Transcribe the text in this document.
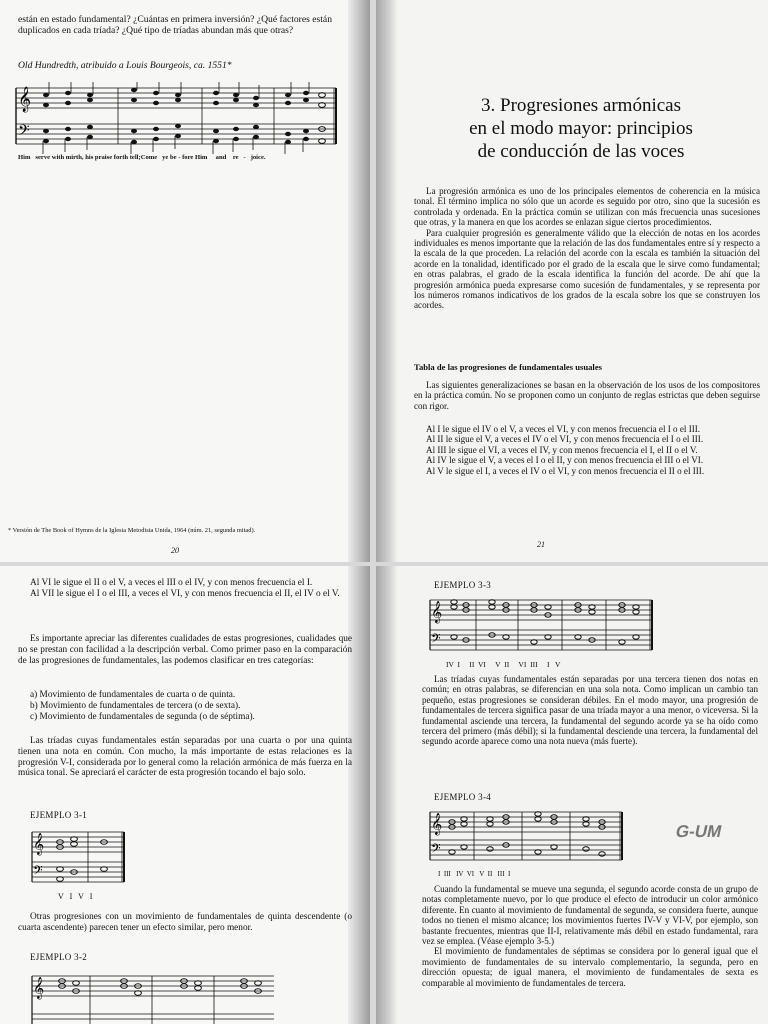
están en estado fundamental? ¿Cuántas en primera inversión? ¿Qué factores están duplicados en cada tríada? ¿Qué tipo de tríadas abundan más que otras?
Old Hundredth, atribuido a Louis Bourgeois, ca. 1551*
𝄞
𝄢
Him   serve with mirth, his praise forth tell;Come   ye be - fore Him     and    re   -   joice.
* Versión de The Book of Hymns de la Iglesia Metodista Unida, 1964 (núm. 21, segunda mitad).
20
3. Progresiones armónicas
en el modo mayor: principios
de conducción de las voces

La progresión armónica es uno de los principales elementos de coherencia en la música tonal. El término implica no sólo que un acorde es seguido por otro, sino que la sucesión es controlada y ordenada. En la práctica común se utilizan con más frecuencia unas sucesiones que otras, y la manera en que los acordes se enlazan sigue ciertos procedimientos.

Para cualquier progresión es generalmente válido que la elección de notas en los acordes individuales es menos importante que la relación de las dos fundamentales entre sí y respecto a la escala de la que proceden. La relación del acorde con la escala es también la situación del acorde en la tonalidad, identificado por el grado de la escala que le sirve como fundamental; en otras palabras, el grado de la escala identifica la función del acorde. De ahí que la progresión armónica pueda expresarse como sucesión de fundamentales, y se representa por los números romanos indicativos de los grados de la escala sobre los que se construyen los acordes.

Tabla de las progresiones de fundamentales usuales

Las siguientes generalizaciones se basan en la observación de los usos de los compositores en la práctica común. No se proponen como un conjunto de reglas estrictas que deben seguirse con rigor.

Al I le sigue el IV o el V, a veces el VI, y con menos frecuencia el I o el III.

Al II le sigue el V, a veces el IV o el VI, y con menos frecuencia el I o el III.

Al III le sigue el VI, a veces el IV, y con menos frecuencia el I, el II o el V.

Al IV le sigue el V, a veces el I o el II, y con menos frecuencia el III o el VI.

Al V le sigue el I, a veces el IV o el VI, y con menos frecuencia el II o el III.

21

Al VI le sigue el II o el V, a veces el III o el IV, y con menos frecuencia el I.

Al VII le sigue el I o el III, a veces el VI, y con menos frecuencia el II, el IV o el V.

Es importante apreciar las diferentes cualidades de estas progresiones, cualidades que no se prestan con facilidad a la descripción verbal. Como primer paso en la comparación de las progresiones de fundamentales, las podemos clasificar en tres categorías:

a) Movimiento de fundamentales de cuarta o de quinta.
b) Movimiento de fundamentales de tercera (o de sexta).
c) Movimiento de fundamentales de segunda (o de séptima).

Las tríadas cuyas fundamentales están separadas por una cuarta o por una quinta tienen una nota en común. Con mucho, la más importante de estas relaciones es la progresión V-I, considerada por lo general como la relación armónica de más fuerza en la música tonal. Se apreciará el carácter de esta progresión tocando el bajo solo.

EJEMPLO 3-1
𝄞
𝄢
V   I   V   I

Otras progresiones con un movimiento de fundamentales de quinta descendente (o cuarta ascendente) parecen tener un efecto similar, pero menor.

EJEMPLO 3-2
𝄞
EJEMPLO 3-3
𝄞
𝄢
IV  I     II  VI     V  II     VI  III     I   V

Las tríadas cuyas fundamentales están separadas por una tercera tienen dos notas en común; en otras palabras, se diferencian en una sola nota. Como implican un cambio tan pequeño, estas progresiones se consideran débiles. En el modo mayor, una progresión de fundamentales de tercera significa pasar de una tríada mayor a una menor, o viceversa. Si la fundamental asciende una tercera, la fundamental del segundo acorde ya se ha oído como tercera del primero (más débil); si la fundamental desciende una tercera, la fundamental del segundo acorde aparece como una nota nueva (más fuerte).

EJEMPLO 3-4
𝄞
𝄢
G-UM
I  III   IV  VI   V  II   III  I

Cuando la fundamental se mueve una segunda, el segundo acorde consta de un grupo de notas completamente nuevo, por lo que produce el efecto de introducir un color armónico diferente. En cuanto al movimiento de fundamental de segunda, se considera fuerte, aunque todos no tienen el mismo alcance; los movimientos fuertes IV-V y VI-V, por ejemplo, son bastante frecuentes, mientras que II-I, relativamente más débil en estado fundamental, rara vez se emplea. (Véase ejemplo 3-5.)

El movimiento de fundamentales de séptimas se considera por lo general igual que el movimiento de fundamentales de su intervalo complementario, la segunda, pero en dirección opuesta; de igual manera, el movimiento de fundamentales de sexta es comparable al movimiento de fundamentales de tercera.
